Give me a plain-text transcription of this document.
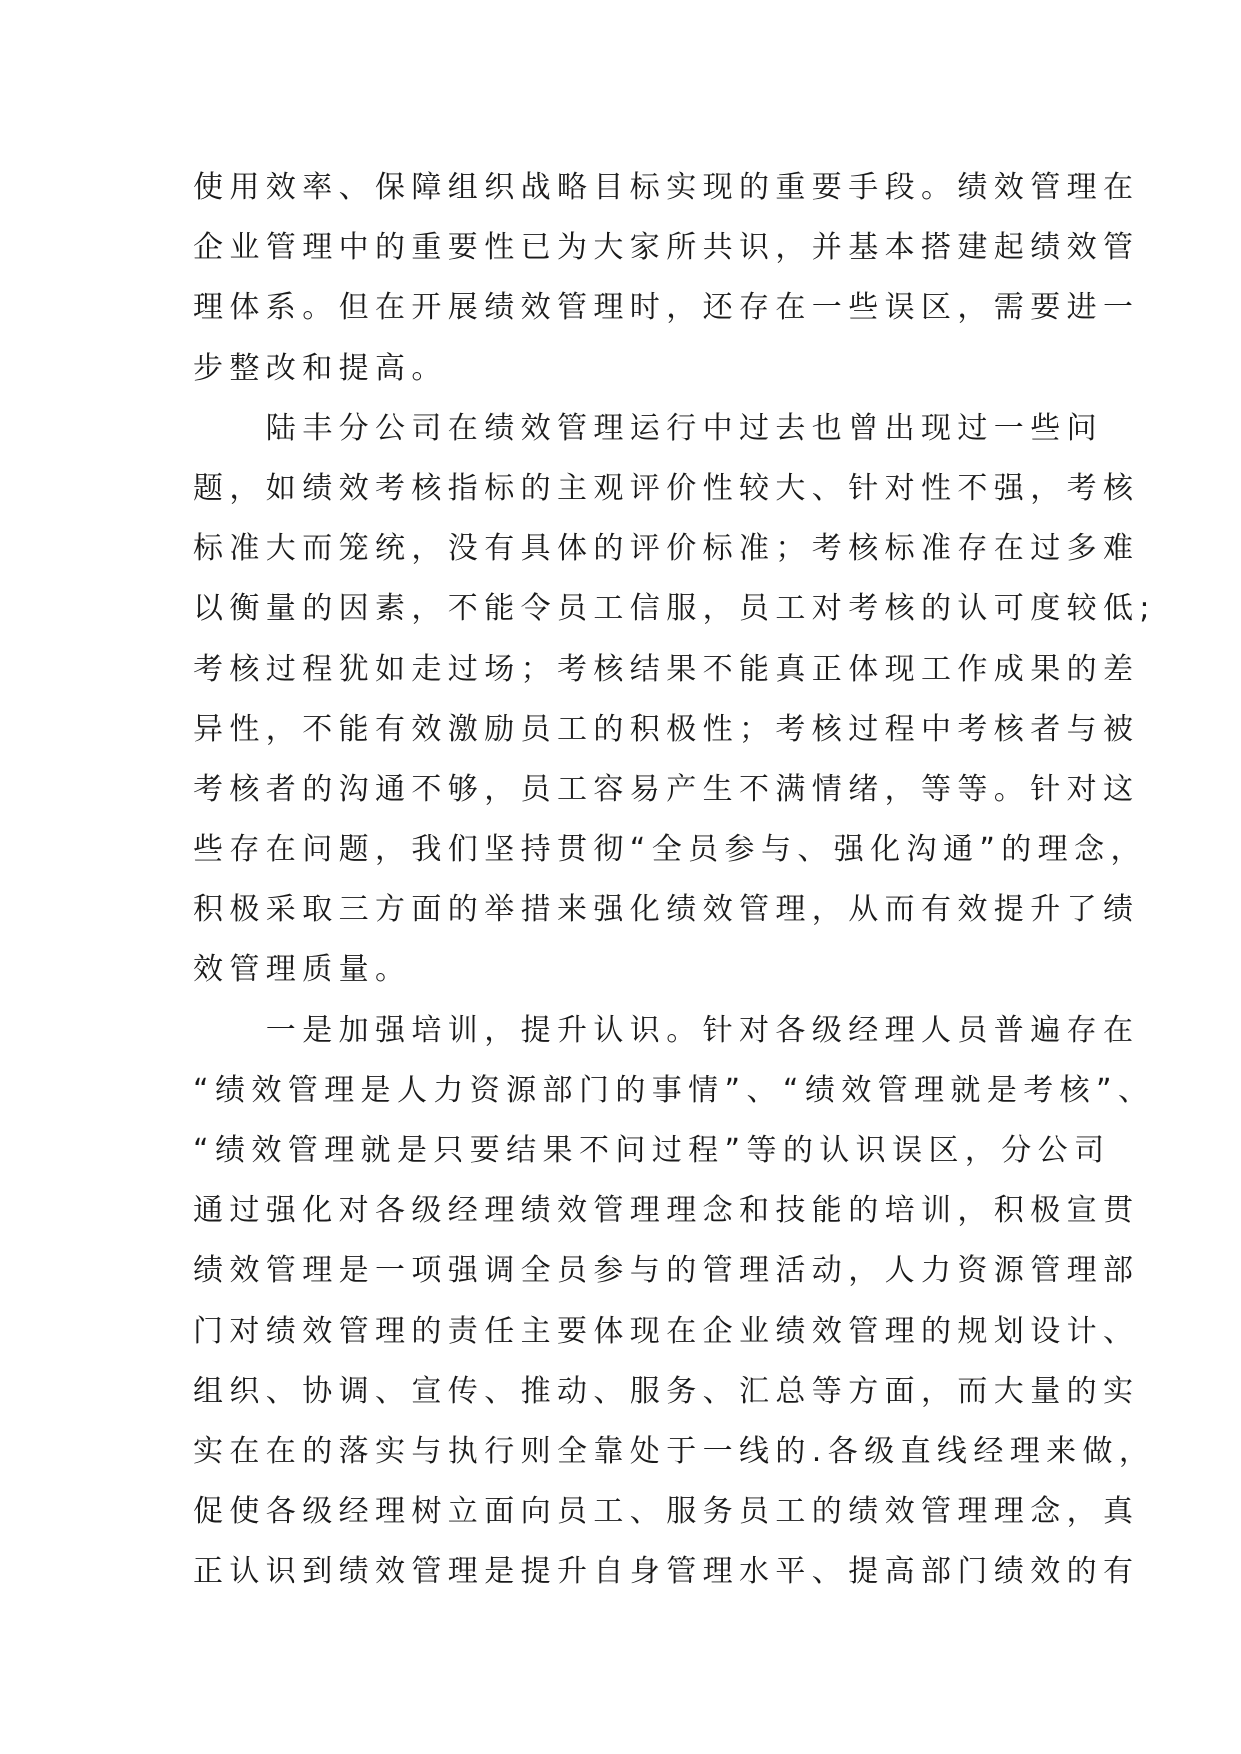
使用效率、保障组织战略目标实现的重要手段。绩效管理在
企业管理中的重要性已为大家所共识，并基本搭建起绩效管
理体系。但在开展绩效管理时，还存在一些误区，需要进一
步整改和提高。
　　陆丰分公司在绩效管理运行中过去也曾出现过一些问
题，如绩效考核指标的主观评价性较大、针对性不强，考核
标准大而笼统，没有具体的评价标准；考核标准存在过多难
以衡量的因素，不能令员工信服，员工对考核的认可度较低;
考核过程犹如走过场；考核结果不能真正体现工作成果的差
异性，不能有效激励员工的积极性；考核过程中考核者与被
考核者的沟通不够，员工容易产生不满情绪，等等。针对这
些存在问题，我们坚持贯彻“全员参与、强化沟通”的理念，
积极采取三方面的举措来强化绩效管理，从而有效提升了绩
效管理质量。
　　一是加强培训，提升认识。针对各级经理人员普遍存在
“绩效管理是人力资源部门的事情”、“绩效管理就是考核”、
“绩效管理就是只要结果不问过程”等的认识误区，分公司
通过强化对各级经理绩效管理理念和技能的培训，积极宣贯
绩效管理是一项强调全员参与的管理活动，人力资源管理部
门对绩效管理的责任主要体现在企业绩效管理的规划设计、
组织、协调、宣传、推动、服务、汇总等方面，而大量的实
实在在的落实与执行则全靠处于一线的.各级直线经理来做，
促使各级经理树立面向员工、服务员工的绩效管理理念，真
正认识到绩效管理是提升自身管理水平、提高部门绩效的有
